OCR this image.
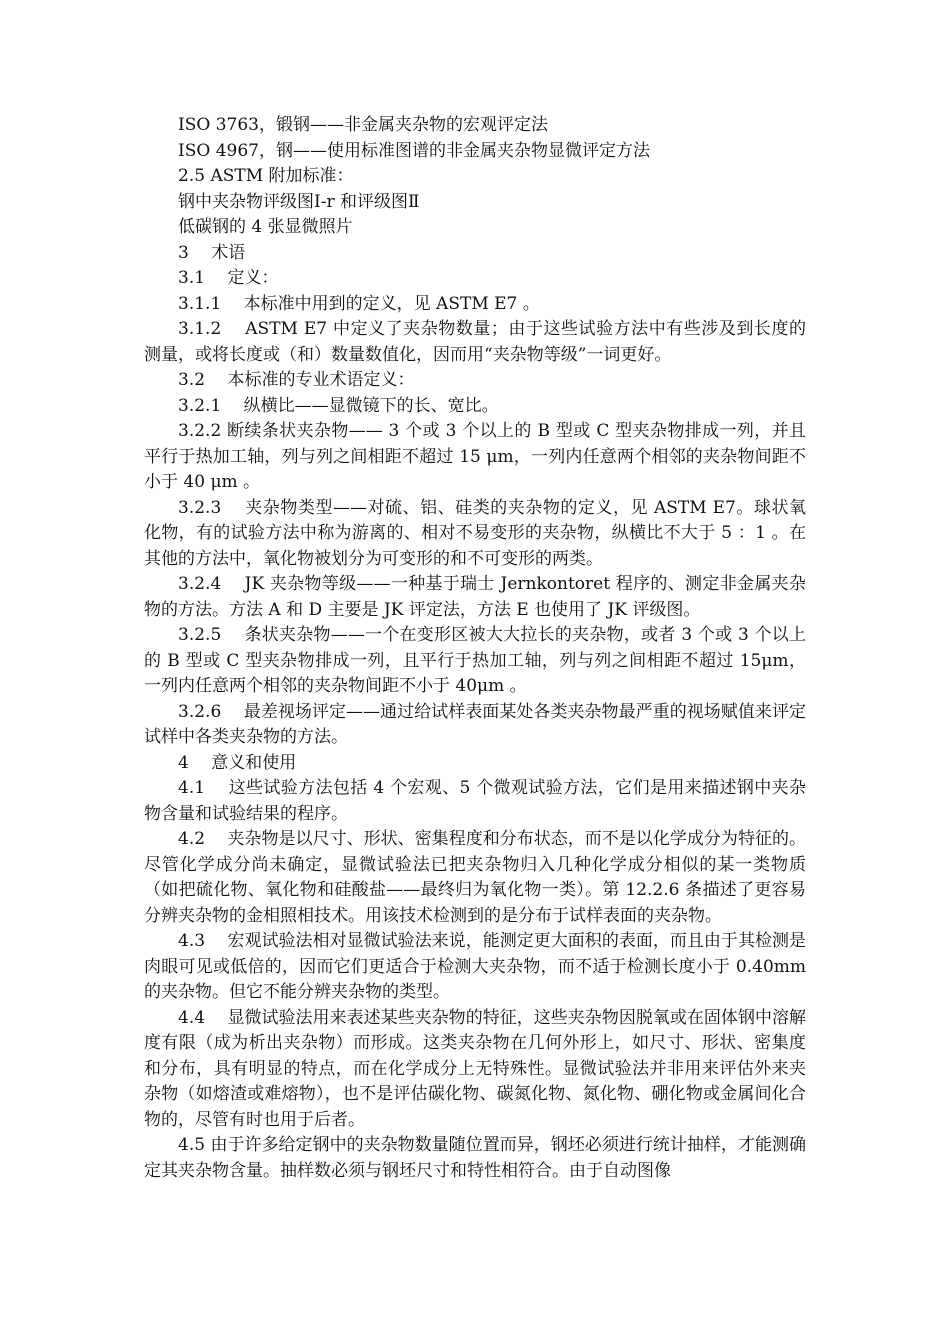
ISO 3763，锻钢——非金属夹杂物的宏观评定法

ISO 4967，钢——使用标准图谱的非金属夹杂物显微评定方法

2.5 ASTM 附加标准：

钢中夹杂物评级图Ⅰ-r 和评级图Ⅱ

低碳钢的 4 张显微照片

3　 术语

3.1　 定义：

3.1.1　 本标准中用到的定义，见 ASTM E7 。

3.1.2　 ASTM E7 中定义了夹杂物数量；由于这些试验方法中有些涉及到长度的测量，或将长度或（和）数量数值化，因而用“夹杂物等级”一词更好。

3.2　 本标准的专业术语定义：

3.2.1　 纵横比——显微镜下的长、宽比。

3.2.2 断续条状夹杂物—— 3 个或 3 个以上的 B 型或 C 型夹杂物排成一列，并且平行于热加工轴，列与列之间相距不超过 15 μm，一列内任意两个相邻的夹杂物间距不小于 40 μm 。

3.2.3　 夹杂物类型——对硫、铝、硅类的夹杂物的定义，见 ASTM E7。球状氧化物，有的试验方法中称为游离的、相对不易变形的夹杂物，纵横比不大于 5 ：1 。在其他的方法中，氧化物被划分为可变形的和不可变形的两类。

3.2.4　 JK 夹杂物等级——一种基于瑞士 Jernkontoret 程序的、测定非金属夹杂物的方法。方法 A 和 D 主要是 JK 评定法，方法 E 也使用了 JK 评级图。

3.2.5　 条状夹杂物——一个在变形区被大大拉长的夹杂物，或者 3 个或 3 个以上的 B 型或 C 型夹杂物排成一列，且平行于热加工轴，列与列之间相距不超过 15μm，一列内任意两个相邻的夹杂物间距不小于 40μm 。

3.2.6　 最差视场评定——通过给试样表面某处各类夹杂物最严重的视场赋值来评定试样中各类夹杂物的方法。

4　 意义和使用

4.1　 这些试验方法包括 4 个宏观、5 个微观试验方法，它们是用来描述钢中夹杂物含量和试验结果的程序。

4.2　 夹杂物是以尺寸、形状、密集程度和分布状态，而不是以化学成分为特征的。尽管化学成分尚未确定，显微试验法已把夹杂物归入几种化学成分相似的某一类物质（如把硫化物、氧化物和硅酸盐——最终归为氧化物一类）。第 12.2.6 条描述了更容易分辨夹杂物的金相照相技术。用该技术检测到的是分布于试样表面的夹杂物。

4.3　 宏观试验法相对显微试验法来说，能测定更大面积的表面，而且由于其检测是肉眼可见或低倍的，因而它们更适合于检测大夹杂物，而不适于检测长度小于 0.40mm 的夹杂物。但它不能分辨夹杂物的类型。

4.4　 显微试验法用来表述某些夹杂物的特征，这些夹杂物因脱氧或在固体钢中溶解度有限（成为析出夹杂物）而形成。这类夹杂物在几何外形上，如尺寸、形状、密集度和分布，具有明显的特点，而在化学成分上无特殊性。显微试验法并非用来评估外来夹杂物（如熔渣或难熔物），也不是评估碳化物、碳氮化物、氮化物、硼化物或金属间化合物的，尽管有时也用于后者。

4.5 由于许多给定钢中的夹杂物数量随位置而异，钢坯必须进行统计抽样，才能测确定其夹杂物含量。抽样数必须与钢坯尺寸和特性相符合。由于自动图像
